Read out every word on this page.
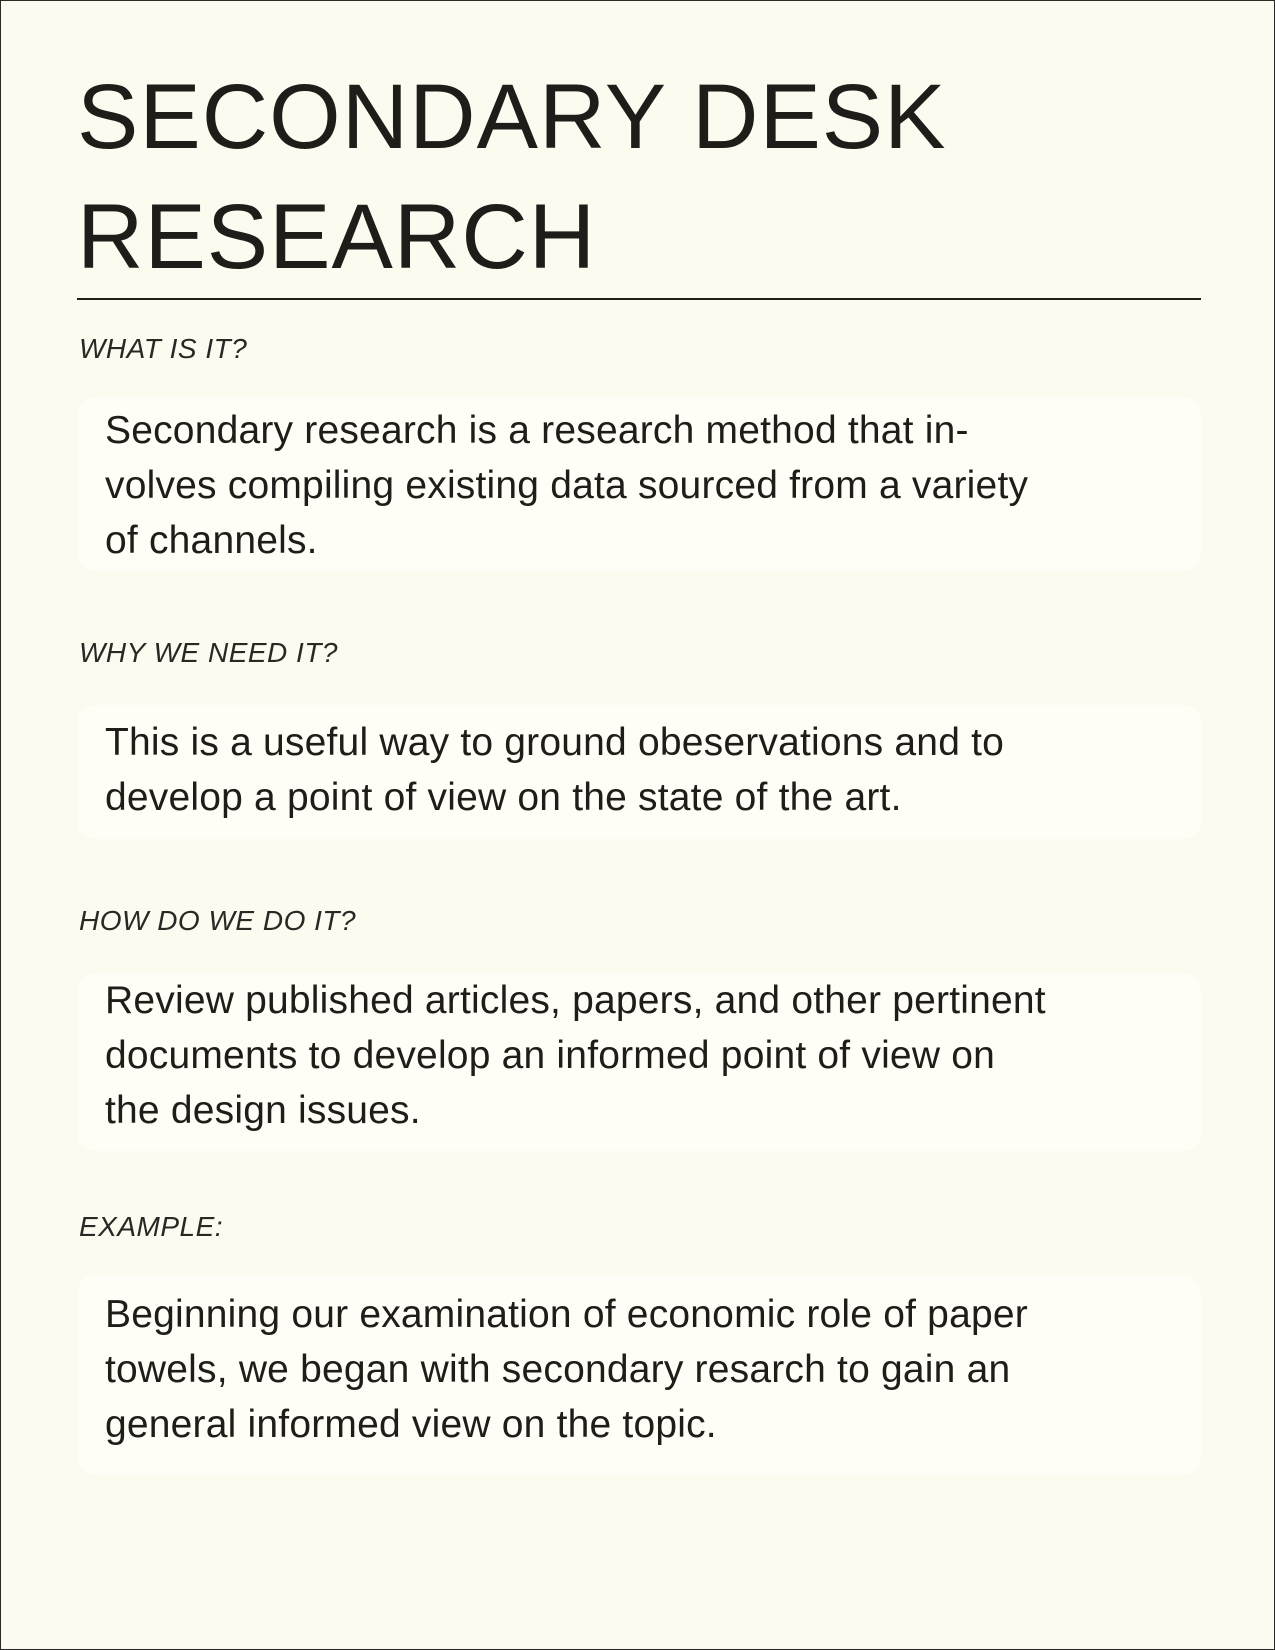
SECONDARY DESK
RESEARCH

WHAT IS IT?

Secondary research is a research method that in-
volves compiling existing data sourced from a variety
of channels.

WHY WE NEED IT?

This is a useful way to ground obeservations and to
develop a point of view on the state of the art.

HOW DO WE DO IT?

Review published articles, papers, and other pertinent
documents to develop an informed point of view on
the design issues.

EXAMPLE:

Beginning our examination of economic role of paper
towels, we began with secondary resarch to gain an
general informed view on the topic.
